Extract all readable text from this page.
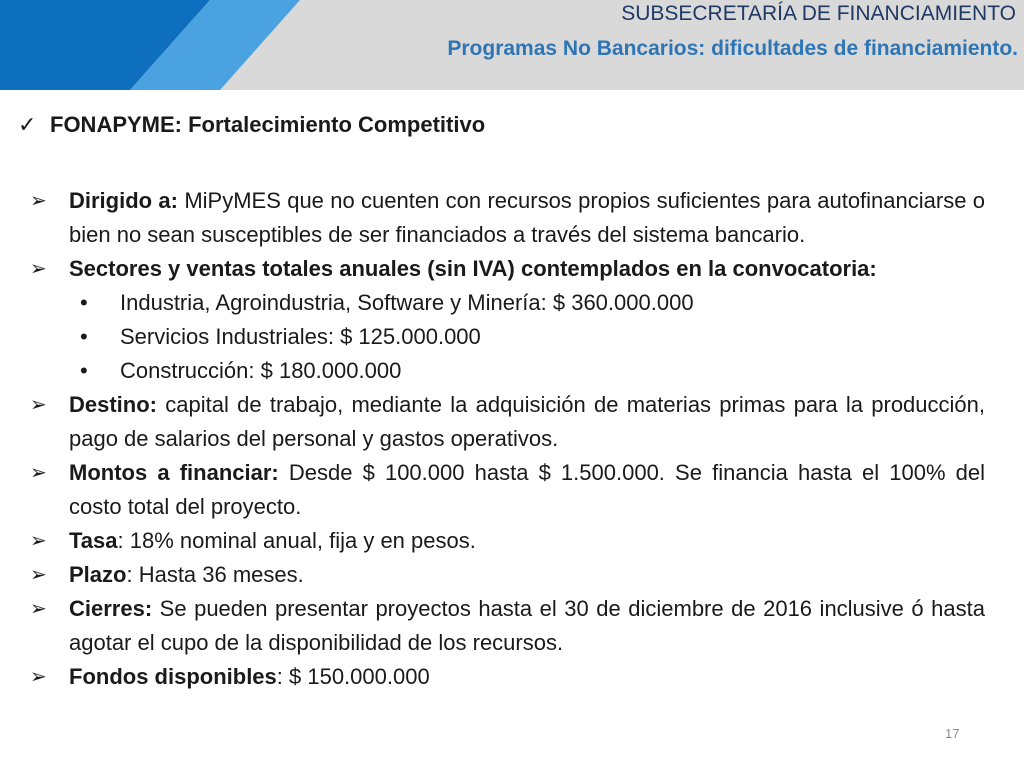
SUBSECRETARÍA DE FINANCIAMIENTO
Programas No Bancarios: dificultades de financiamiento.
✓ FONAPYME: Fortalecimiento Competitivo
➢ Dirigido a: MiPyMES que no cuenten con recursos propios suficientes para autofinanciarse o bien no sean susceptibles de ser financiados a través del sistema bancario.
➢ Sectores y ventas totales anuales (sin IVA) contemplados en la convocatoria:
• Industria, Agroindustria, Software y Minería: $ 360.000.000
• Servicios Industriales: $ 125.000.000
• Construcción: $ 180.000.000
➢ Destino: capital de trabajo, mediante la adquisición de materias primas para la producción, pago de salarios del personal y gastos operativos.
➢ Montos a financiar: Desde $ 100.000 hasta $ 1.500.000. Se financia hasta el 100% del costo total del proyecto.
➢ Tasa: 18% nominal anual, fija y en pesos.
➢ Plazo: Hasta 36 meses.
➢ Cierres: Se pueden presentar proyectos hasta el 30 de diciembre de 2016 inclusive ó hasta agotar el cupo de la disponibilidad de los recursos.
➢ Fondos disponibles: $ 150.000.000
17
